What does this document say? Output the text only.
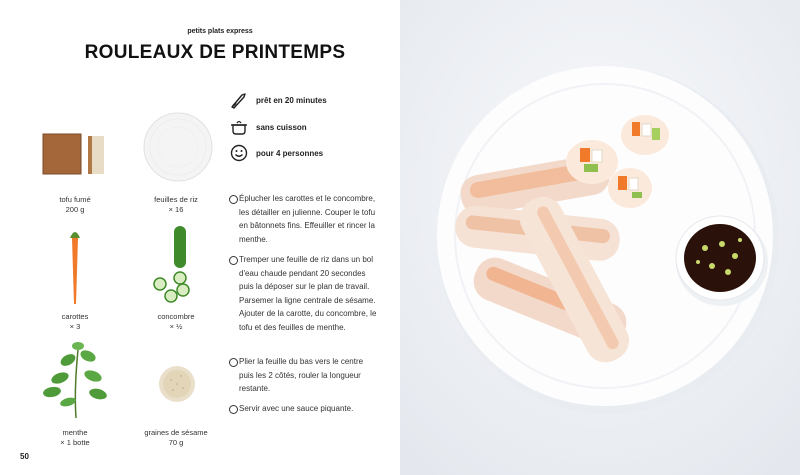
petits plats express
ROULEAUX DE PRINTEMPS
prêt en 20 minutes
sans cuisson
pour 4 personnes
tofu fumé
200 g
feuilles de riz
× 16
carottes
× 3
concombre
× ½
menthe
× 1 botte
graines de sésame
70 g
Éplucher les carottes et le concombre, les détailler en julienne. Couper le tofu en bâtonnets fins. Effeuiller et rincer la menthe.
Tremper une feuille de riz dans un bol d'eau chaude pendant 20 secondes puis la déposer sur le plan de travail. Parsemer la ligne centrale de sésame. Ajouter de la carotte, du concombre, le tofu et des feuilles de menthe.
Plier la feuille du bas vers le centre puis les 2 côtés, rouler la longueur restante.
Servir avec une sauce piquante.
50
